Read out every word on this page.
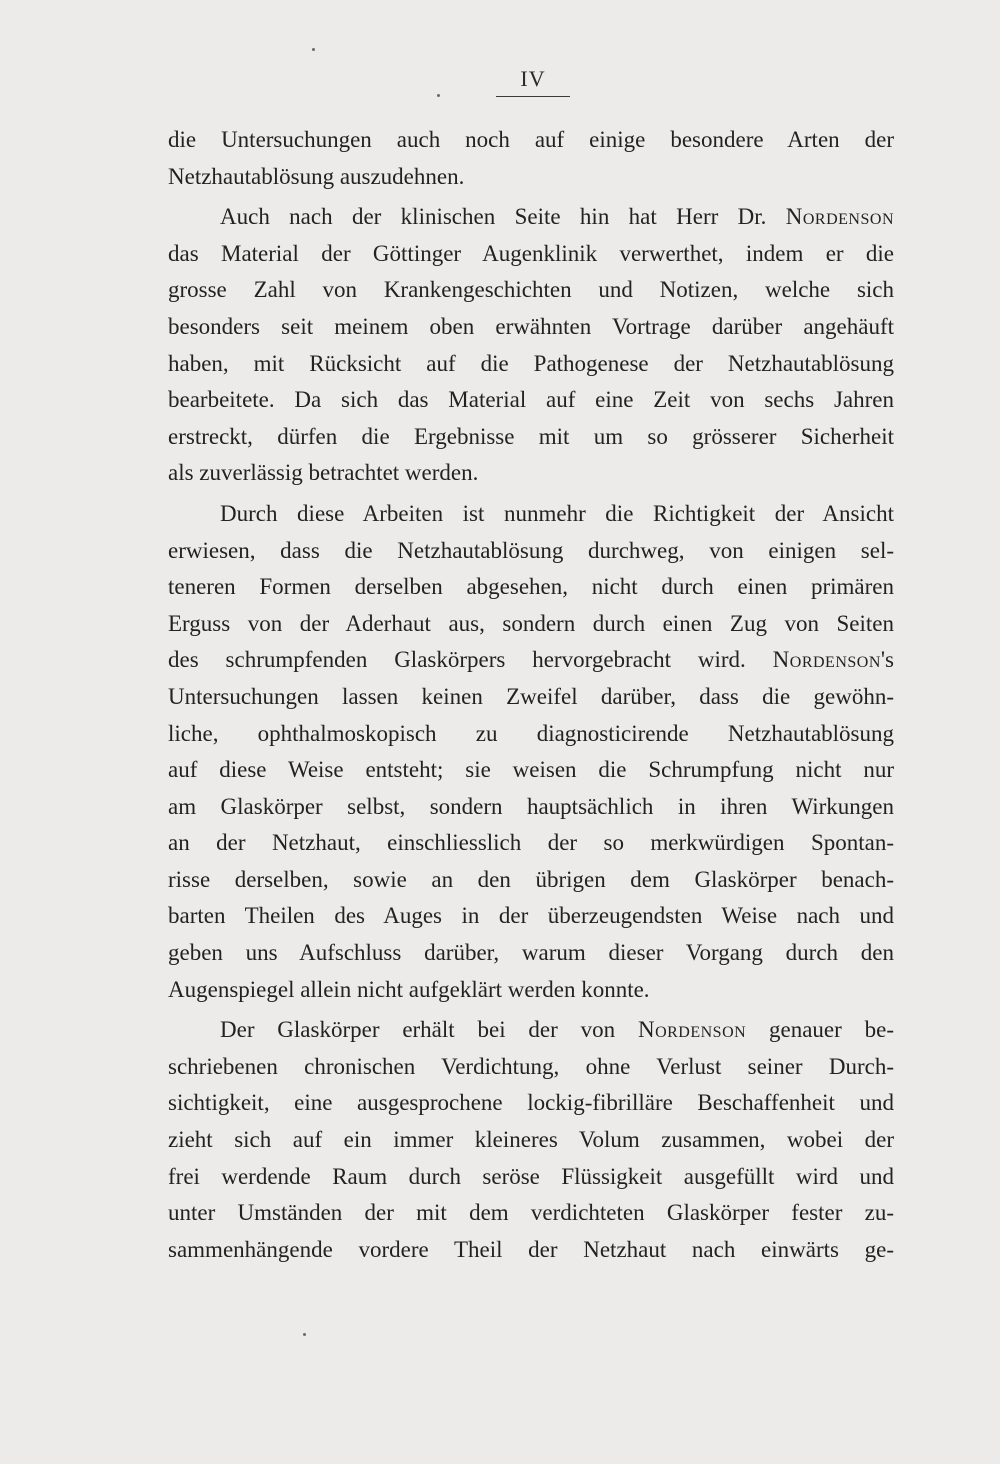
IV
die Untersuchungen auch noch auf einige besondere Arten der
Netzhautablösung auszudehnen.
Auch nach der klinischen Seite hin hat Herr Dr. Nordenson
das Material der Göttinger Augenklinik verwerthet, indem er die
grosse Zahl von Krankengeschichten und Notizen, welche sich
besonders seit meinem oben erwähnten Vortrage darüber angehäuft
haben, mit Rücksicht auf die Pathogenese der Netzhautablösung
bearbeitete. Da sich das Material auf eine Zeit von sechs Jahren
erstreckt, dürfen die Ergebnisse mit um so grösserer Sicherheit
als zuverlässig betrachtet werden.
Durch diese Arbeiten ist nunmehr die Richtigkeit der Ansicht
erwiesen, dass die Netzhautablösung durchweg, von einigen sel-
teneren Formen derselben abgesehen, nicht durch einen primären
Erguss von der Aderhaut aus, sondern durch einen Zug von Seiten
des schrumpfenden Glaskörpers hervorgebracht wird. Nordenson's
Untersuchungen lassen keinen Zweifel darüber, dass die gewöhn-
liche, ophthalmoskopisch zu diagnosticirende Netzhautablösung
auf diese Weise entsteht; sie weisen die Schrumpfung nicht nur
am Glaskörper selbst, sondern hauptsächlich in ihren Wirkungen
an der Netzhaut, einschliesslich der so merkwürdigen Spontan-
risse derselben, sowie an den übrigen dem Glaskörper benach-
barten Theilen des Auges in der überzeugendsten Weise nach und
geben uns Aufschluss darüber, warum dieser Vorgang durch den
Augenspiegel allein nicht aufgeklärt werden konnte.
Der Glaskörper erhält bei der von Nordenson genauer be-
schriebenen chronischen Verdichtung, ohne Verlust seiner Durch-
sichtigkeit, eine ausgesprochene lockig-fibrilläre Beschaffenheit und
zieht sich auf ein immer kleineres Volum zusammen, wobei der
frei werdende Raum durch seröse Flüssigkeit ausgefüllt wird und
unter Umständen der mit dem verdichteten Glaskörper fester zu-
sammenhängende vordere Theil der Netzhaut nach einwärts ge-
